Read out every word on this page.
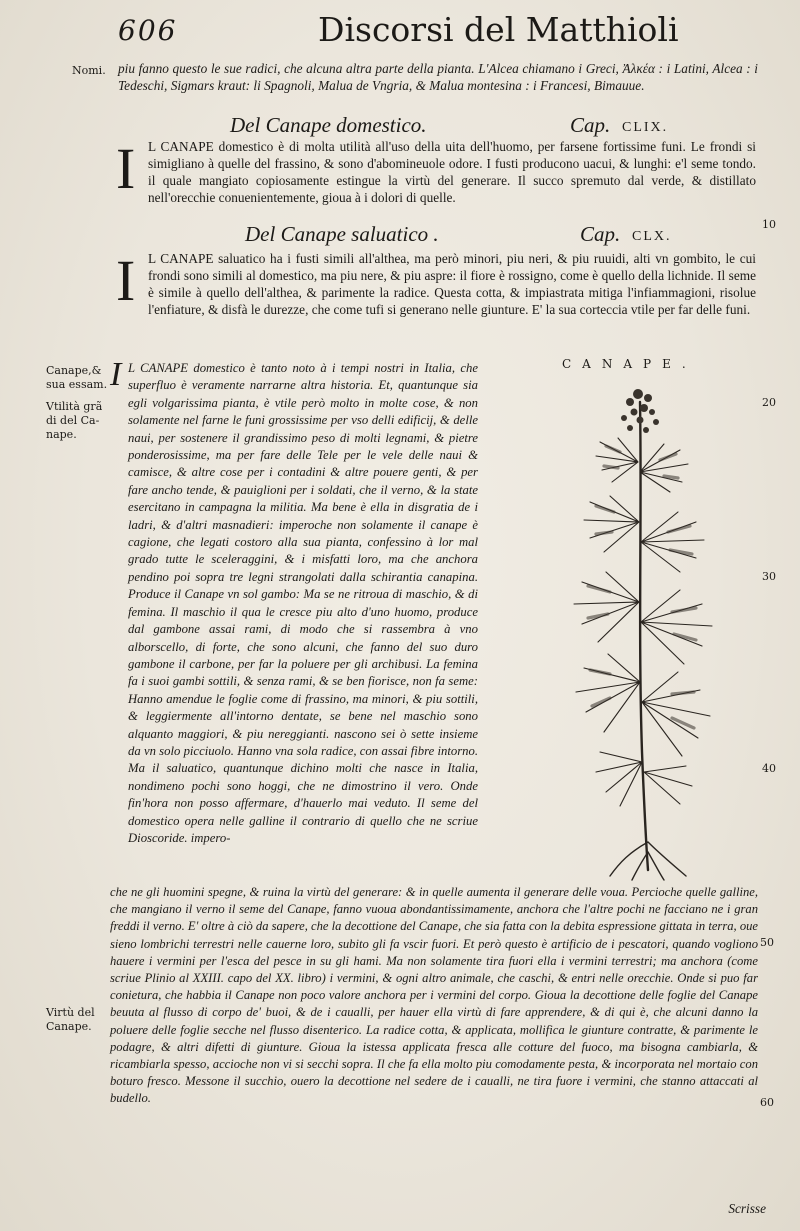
606	Discorsi del Matthioli
Nomi.
Canape,&
sua essam.
Vtilità grã
di del Ca-
nape.
Virtù del
Canape.
10
20
30
40
50
60

piu fanno questo le sue radici, che alcuna altra parte della pianta. L'Alcea chiamano i Greci, Ἀλκέα : i Latini, Alcea : i Tedeschi, Sigmars kraut: li Spagnoli, Malua de Vngria, & Malua montesina : i Francesi, Bimauue.

Del Canape domestico.	Cap. CLIX.
I L CANAPE domestico è di molta utilità all'uso della uita dell'huomo, per farsene fortissime funi. Le frondi si simigliano à quelle del frassino, & sono d'abomineuole odore. I fusti producono uacui, & lunghi: e'l seme tondo. il quale mangiato copiosamente estingue la virtù del generare. Il succo spremuto dal verde, & distillato nell'orecchie conuenientemente, gioua à i dolori di quelle.

Del Canape saluatico .	Cap. CLX.
I L CANAPE saluatico ha i fusti simili all'althea, ma però minori, piu neri, & piu ruuidi, alti vn gombito, le cui frondi sono simili al domestico, ma piu nere, & piu aspre: il fiore è rossigno, come è quello della lichnide. Il seme è simile à quello dell'althea, & parimente la radice. Questa cotta, & impiastrata mitiga l'infiammagioni, risolue l'enfiature, & disfà le durezze, che come tufi si generano nelle giunture. E' la sua corteccia vtile per far delle funi.

I L CANAPE domestico è tanto noto à i tempi nostri in Italia, che superfluo è veramente narrarne altra historia. Et, quantunque sia egli volgarissima pianta, è vtile però molto in molte cose, & non solamente nel farne le funi grossissime per vso delli edificij, & delle naui, per sostenere il grandissimo peso di molti legnami, & pietre ponderosissime, ma per fare delle Tele per le vele delle naui & camisce, & altre cose per i contadini & altre pouere genti, & per fare ancho tende, & pauiglioni per i soldati, che il verno, & la state esercitano in campagna la militia. Ma bene è ella in disgratia de i ladri, & d'altri masnadieri: imperoche non solamente il canape è cagione, che legati costoro alla sua pianta, confessino à lor mal grado tutte le sceleraggini, & i misfatti loro, ma che anchora pendino poi sopra tre legni strangolati dalla schirantia canapina. Produce il Canape vn sol gambo: Ma se ne ritroua di maschio, & di femina. Il maschio il qua le cresce piu alto d'uno huomo, produce dal gambone assai rami, di modo che si rassembra à vno alborscello, di forte, che sono alcuni, che fanno del suo duro gambone il carbone, per far la poluere per gli archibusi. La femina fa i suoi gambi sottili, & senza rami, & se ben fiorisce, non fa seme: Hanno amendue le foglie come di frassino, ma minori, & piu sottili, & leggiermente all'intorno dentate, se bene nel maschio sono alquanto maggiori, & piu nereggianti. nascono sei ò sette insieme da vn solo picciuolo. Hanno vna sola radice, con assai fibre intorno. Ma il saluatico, quantunque dichino molti che nasce in Italia, nondimeno pochi sono hoggi, che ne dimostrino il vero. Onde fin'hora non posso affermare, d'hauerlo mai veduto. Il seme del domestico opera nelle galline il contrario di quello che ne scriue Dioscoride. impero-

che ne gli huomini spegne, & ruina la virtù del generare: & in quelle aumenta il generare delle voua. Percioche quelle galline, che mangiano il verno il seme del Canape, fanno vuoua abondantissimamente, anchora che l'altre pochi ne facciano ne i gran freddi il verno. E' oltre à ciò da sapere, che la decottione del Canape, che sia fatta con la debita espressione gittata in terra, oue sieno lombrichi terrestri nelle cauerne loro, subito gli fa vscir fuori. Et però questo è artificio de i pescatori, quando vogliono hauere i vermini per l'esca del pesce in su gli hami. Ma non solamente tira fuori ella i vermini terrestri; ma anchora (come scriue Plinio al XXIII. capo del XX. libro) i vermini, & ogni altro animale, che caschi, & entri nelle orecchie. Onde si puo far conietura, che habbia il Canape non poco valore anchora per i vermini del corpo. Gioua la decottione delle foglie del Canape beuuta al flusso di corpo de' buoi, & de i caualli, per hauer ella virtù di fare apprendere, & di qui è, che alcuni danno la poluere delle foglie secche nel flusso disenterico. La radice cotta, & applicata, mollifica le giunture contratte, & parimente le podagre, & altri difetti di giunture. Gioua la istessa applicata fresca alle cotture del fuoco, ma bisogna cambiarla, & ricambiarla spesso, accioche non vi si secchi sopra. Il che fa ella molto piu comodamente pesta, & incorporata nel mortaio con boturo fresco. Messone il succhio, ouero la decottione nel sedere de i caualli, ne tira fuore i vermini, che stanno attaccati al budello.

Scrisse
CANAPE.
